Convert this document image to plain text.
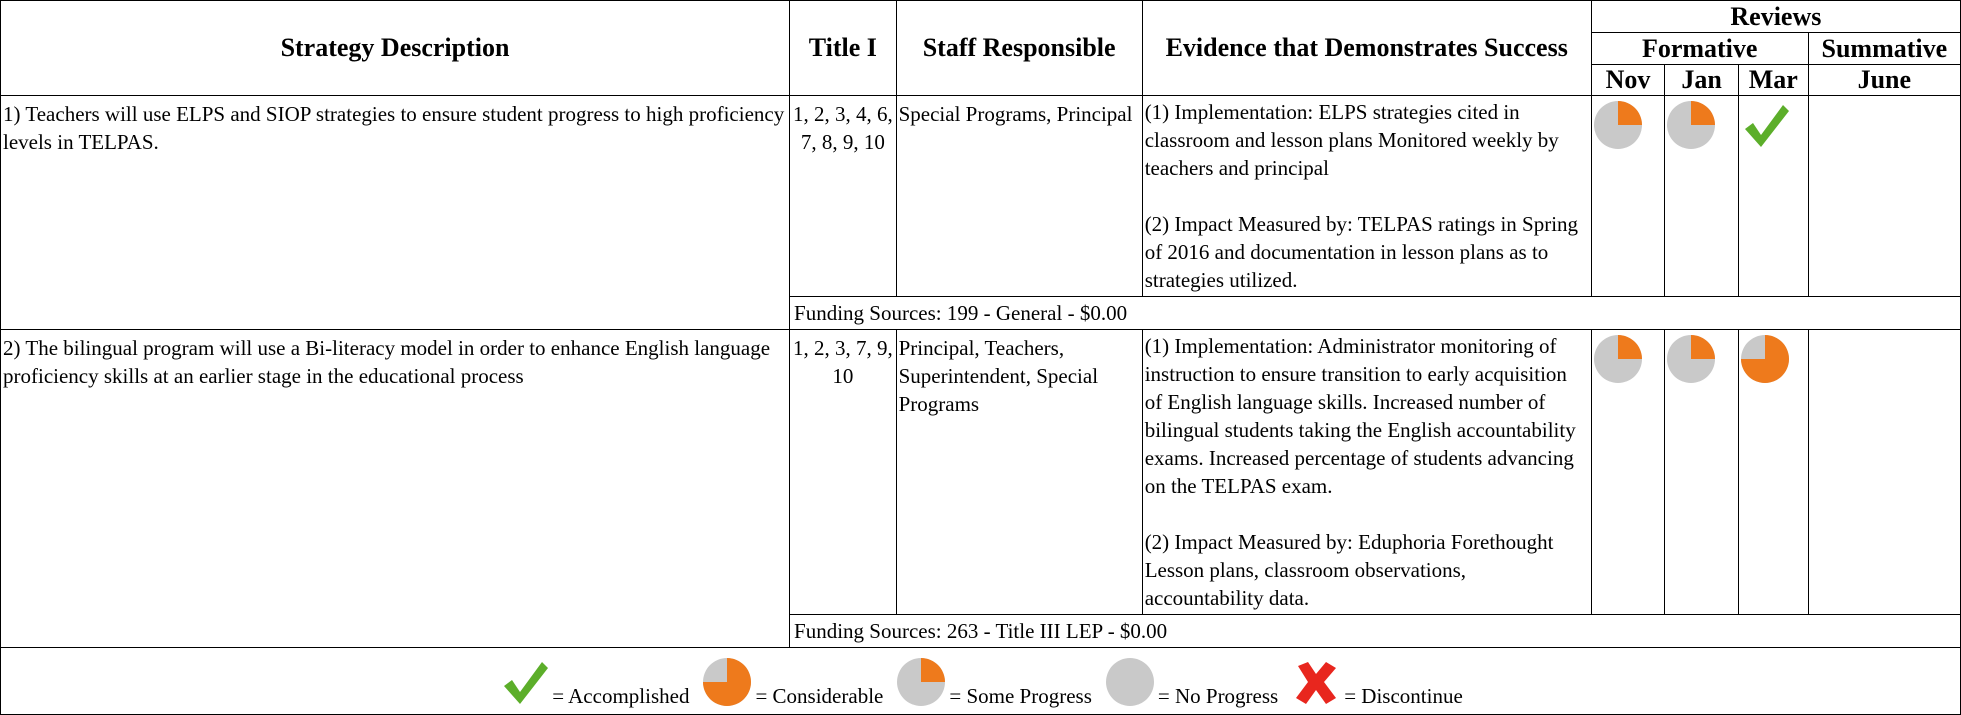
Strategy Description	Title I	Staff Responsible	Evidence that Demonstrates Success	Reviews			
				Formative			Summative
				Nov	Jan	Mar	June
1) Teachers will use ELPS and SIOP strategies to ensure student progress to high proficiency levels in TELPAS.	1, 2, 3, 4, 6, 7, 8, 9, 10	Special Programs, Principal	(1) Implementation: ELPS strategies cited in classroom and lesson plans Monitored weekly by teachers and principal

(2) Impact Measured by: TELPAS ratings in Spring of 2016 and documentation in lesson plans as to strategies utilized.

	Funding Sources: 199 - General - $0.00						
2) The bilingual program will use a Bi-literacy model in order to enhance English language proficiency skills at an earlier stage in the educational process	1, 2, 3, 7, 9, 10	Principal, Teachers, Superintendent, Special Programs	(1) Implementation: Administrator monitoring of instruction to ensure transition to early acquisition of English language skills. Increased number of bilingual students taking the English accountability exams. Increased percentage of students advancing on the TELPAS exam.

(2) Impact Measured by: Eduphoria Forethought Lesson plans, classroom observations, accountability data.

	Funding Sources: 263 - Title III LEP - $0.00						

= Accomplished = Considerable = Some Progress = No Progress = Discontinue							
